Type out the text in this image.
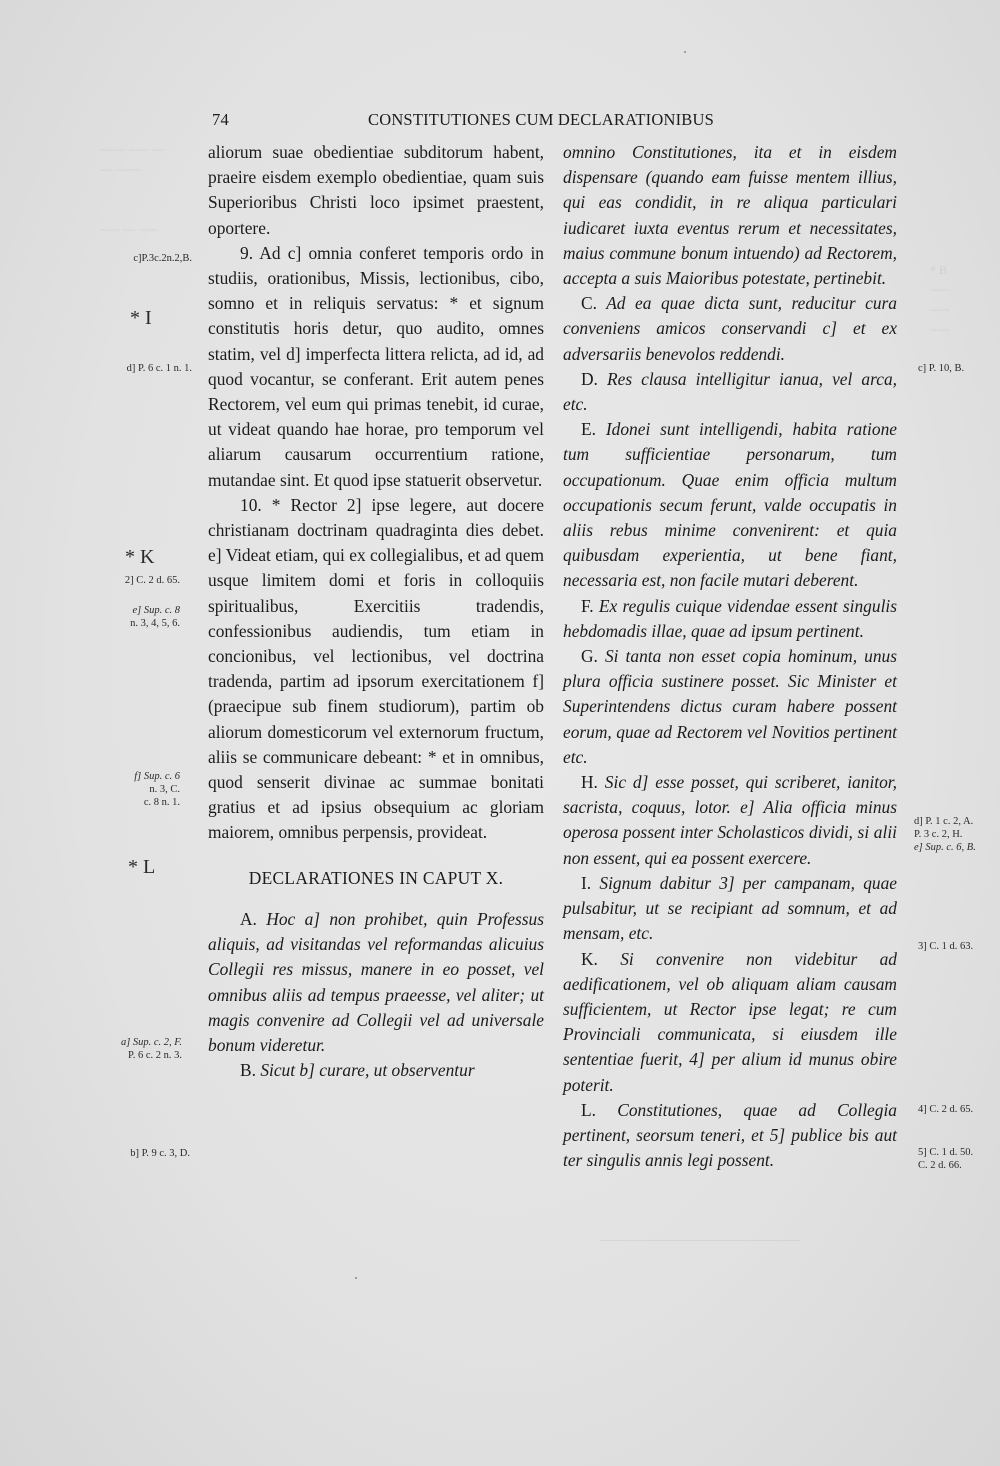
~~~~ ~~~ ~~
~~ ~~~~

~~~ ~~ ~~~
* B
~~~
~~~
~~~
74	CONSTITUTIONES CUM DECLARATIONIBUS
c]P.3c.2n.2,B.
* I
d] P. 6 c. 1 n. 1.
* K
2] C. 2 d. 65.
e] Sup. c. 8
n. 3, 4, 5, 6.
f] Sup. c. 6
n. 3, C.
c. 8 n. 1.
* L
a] Sup. c. 2, F.
P. 6 c. 2 n. 3.
b] P. 9 c. 3, D.

aliorum suae obedientiae subditorum habent, praeire eisdem exemplo obedientiae, quam suis Superioribus Christi loco ipsimet praestent, oportere.

9. Ad c] omnia conferet temporis ordo in studiis, orationibus, Missis, lectionibus, cibo, somno et in reliquis servatus: * et signum constitutis horis detur, quo audito, omnes statim, vel d] imperfecta littera relicta, ad id, ad quod vocantur, se conferant. Erit autem penes Rectorem, vel eum qui primas tenebit, id curae, ut videat quando hae horae, pro temporum vel aliarum causarum occurrentium ratione, mutandae sint. Et quod ipse statuerit observetur.

10. * Rector 2] ipse legere, aut docere christianam doctrinam quadraginta dies debet. e] Videat etiam, qui ex collegialibus, et ad quem usque limitem domi et foris in colloquiis spiritualibus, Exercitiis tradendis, confessionibus audiendis, tum etiam in concionibus, vel lectionibus, vel doctrina tradenda, partim ad ipsorum exercitationem f] (praecipue sub finem studiorum), partim ob aliorum domesticorum vel externorum fructum, aliis se communicare debeant: * et in omnibus, quod senserit divinae ac summae bonitati gratius et ad ipsius obsequium ac gloriam maiorem, omnibus perpensis, provideat.

DECLARATIONES IN CAPUT X.

A. Hoc a] non prohibet, quin Professus aliquis, ad visitandas vel reformandas alicuius Collegii res missus, manere in eo posset, vel omnibus aliis ad tempus praeesse, vel aliter; ut magis convenire ad Collegii vel ad universale bonum videretur.

B. Sicut b] curare, ut observentur

omnino Constitutiones, ita et in eisdem dispensare (quando eam fuisse mentem illius, qui eas condidit, in re aliqua particulari iudicaret iuxta eventus rerum et necessitates, maius commune bonum intuendo) ad Rectorem, accepta a suis Maioribus potestate, pertinebit.

C. Ad ea quae dicta sunt, reducitur cura conveniens amicos conservandi c] et ex adversariis benevolos reddendi.

D. Res clausa intelligitur ianua, vel arca, etc.

E. Idonei sunt intelligendi, habita ratione tum sufficientiae personarum, tum occupationum. Quae enim officia multum occupationis secum ferunt, valde occupatis in aliis rebus minime convenirent: et quia quibusdam experientia, ut bene fiant, necessaria est, non facile mutari deberent.

F. Ex regulis cuique videndae essent singulis hebdomadis illae, quae ad ipsum pertinent.

G. Si tanta non esset copia hominum, unus plura officia sustinere posset. Sic Minister et Superintendens dictus curam habere possent eorum, quae ad Rectorem vel Novitios pertinent etc.

H. Sic d] esse posset, qui scriberet, ianitor, sacrista, coquus, lotor. e] Alia officia minus operosa possent inter Scholasticos dividi, si alii non essent, qui ea possent exercere.

I. Signum dabitur 3] per campanam, quae pulsabitur, ut se recipiant ad somnum, et ad mensam, etc.

K. Si convenire non videbitur ad aedificationem, vel ob aliquam aliam causam sufficientem, ut Rector ipse legat; re cum Provinciali communicata, si eiusdem ille sententiae fuerit, 4] per alium id munus obire poterit.

L. Constitutiones, quae ad Collegia pertinent, seorsum teneri, et 5] publice bis aut ter singulis annis legi possent.

c] P. 10, B.
d] P. 1 c. 2, A.
P. 3 c. 2, H.
e] Sup. c. 6, B.
3] C. 1 d. 63.
4] C. 2 d. 65.
5] C. 1 d. 50.
C. 2 d. 66.
